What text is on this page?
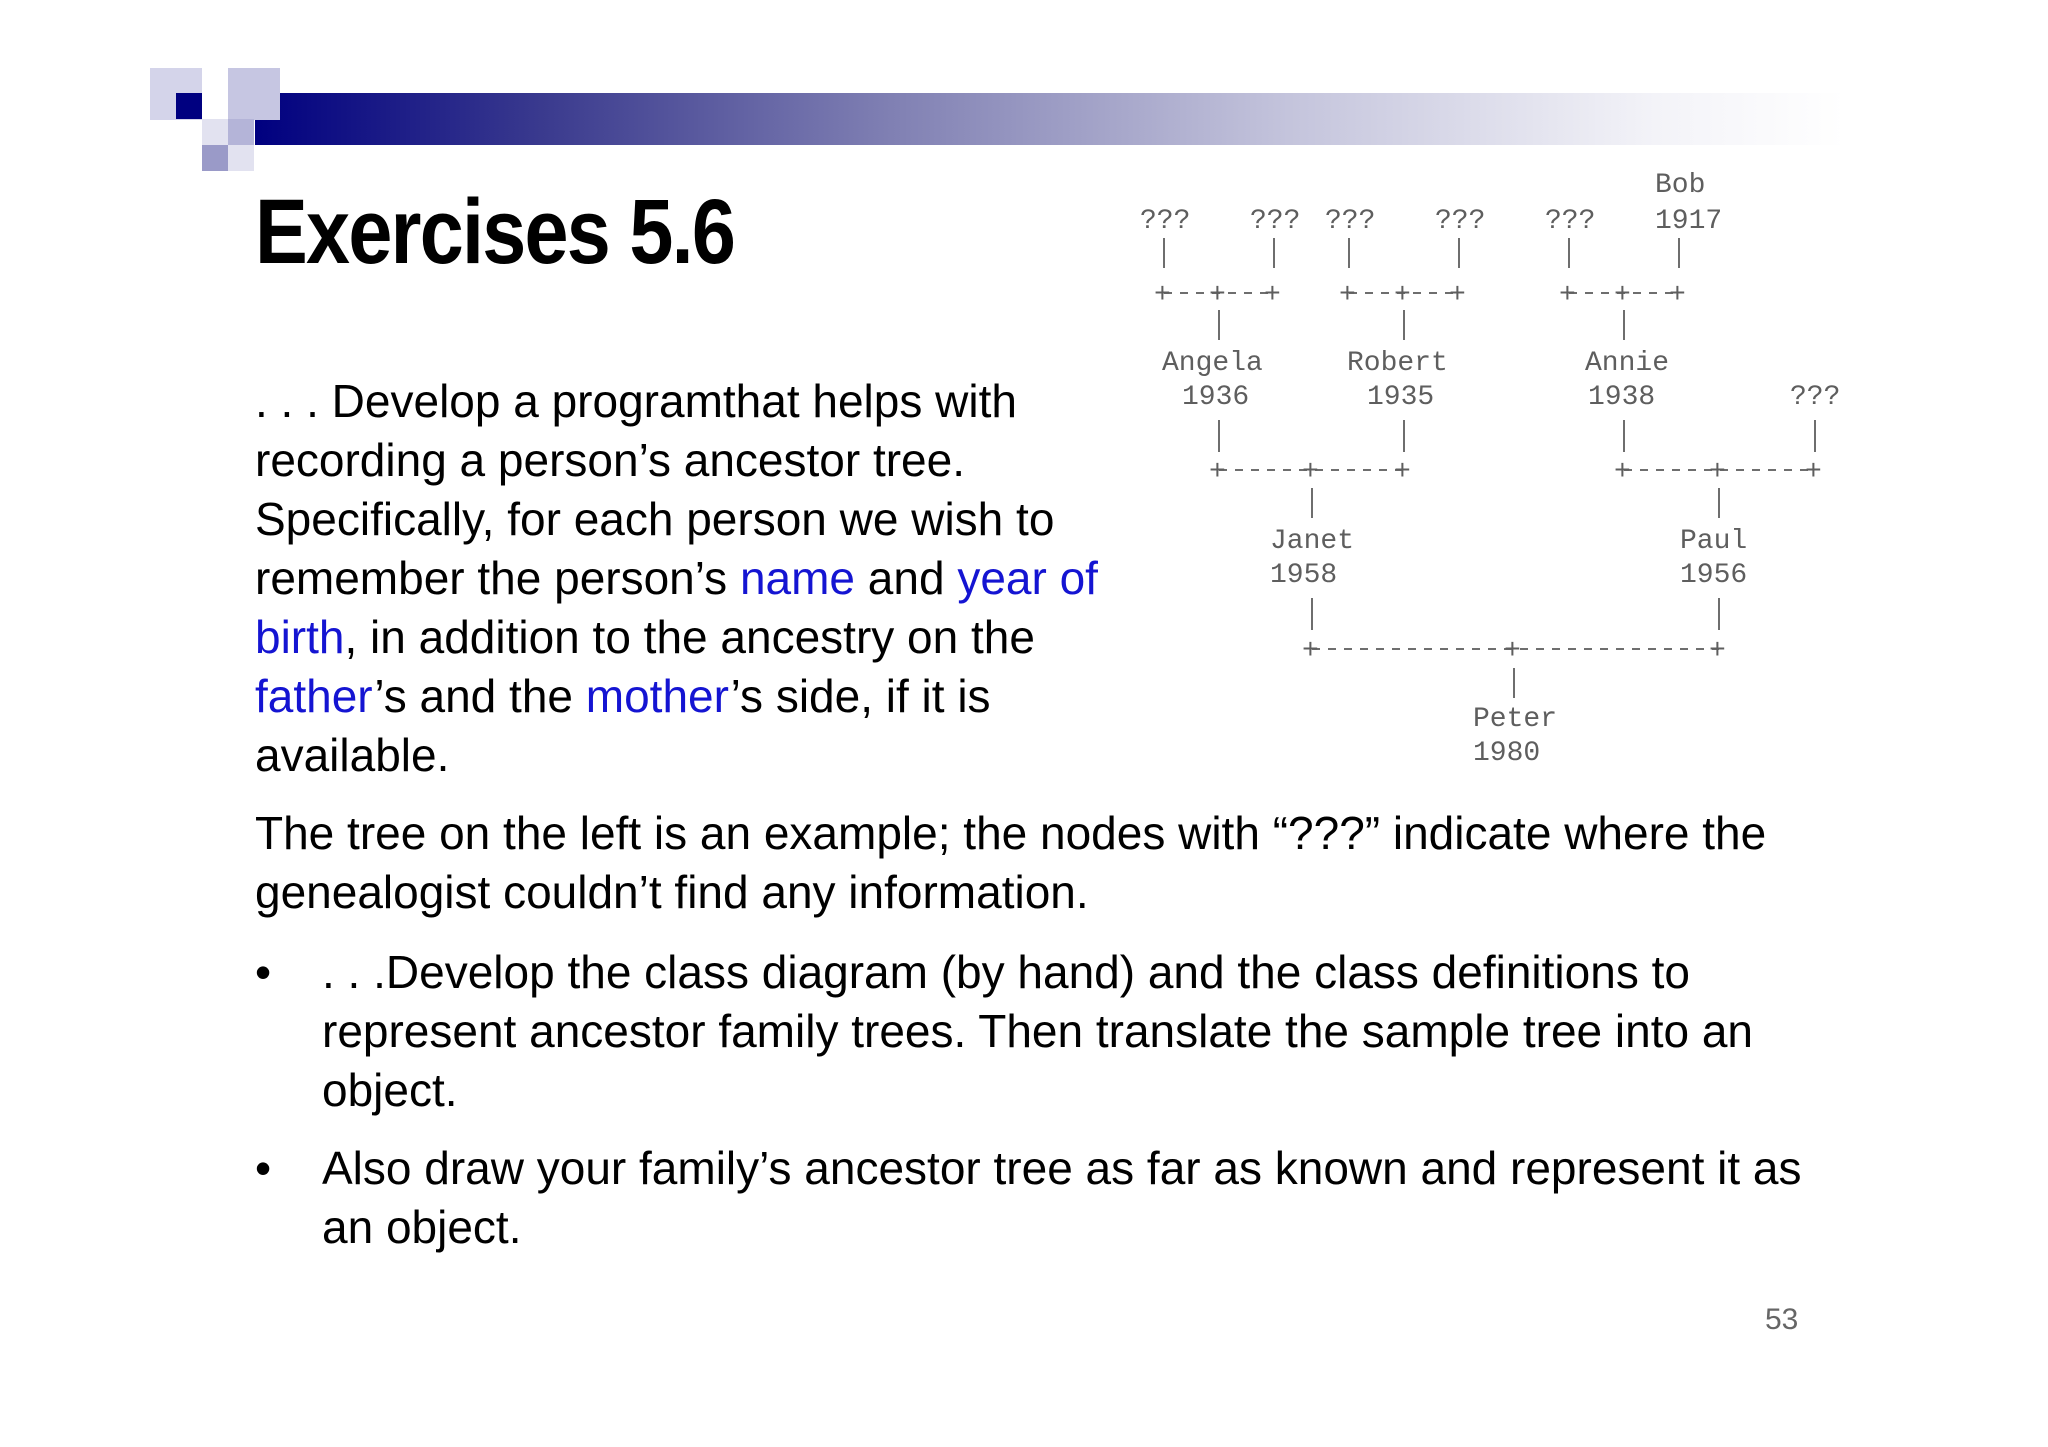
Exercises 5.6

. . . Develop a programthat helps with recording a person’s ancestor tree. Specifically, for each person we wish to remember the person’s name and year of birth, in addition to the ancestry on the father’s and the mother’s side, if it is available.

??? ??? ??? ??? ???
Bob
1917
+ + + + + +	+ + +
Angela
1936
Robert
1935
Annie
1938	???
+	+	+	+	+	+
Janet
1958
Paul
1956
+	+	+
Peter
1980

The tree on the left is an example; the nodes with “???” indicate where the genealogist couldn’t find any information.

• . . .Develop the class diagram (by hand) and the class definitions to represent ancestor family trees. Then translate the sample tree into an object.
• Also draw your family’s ancestor tree as far as known and represent it as an object.
53
